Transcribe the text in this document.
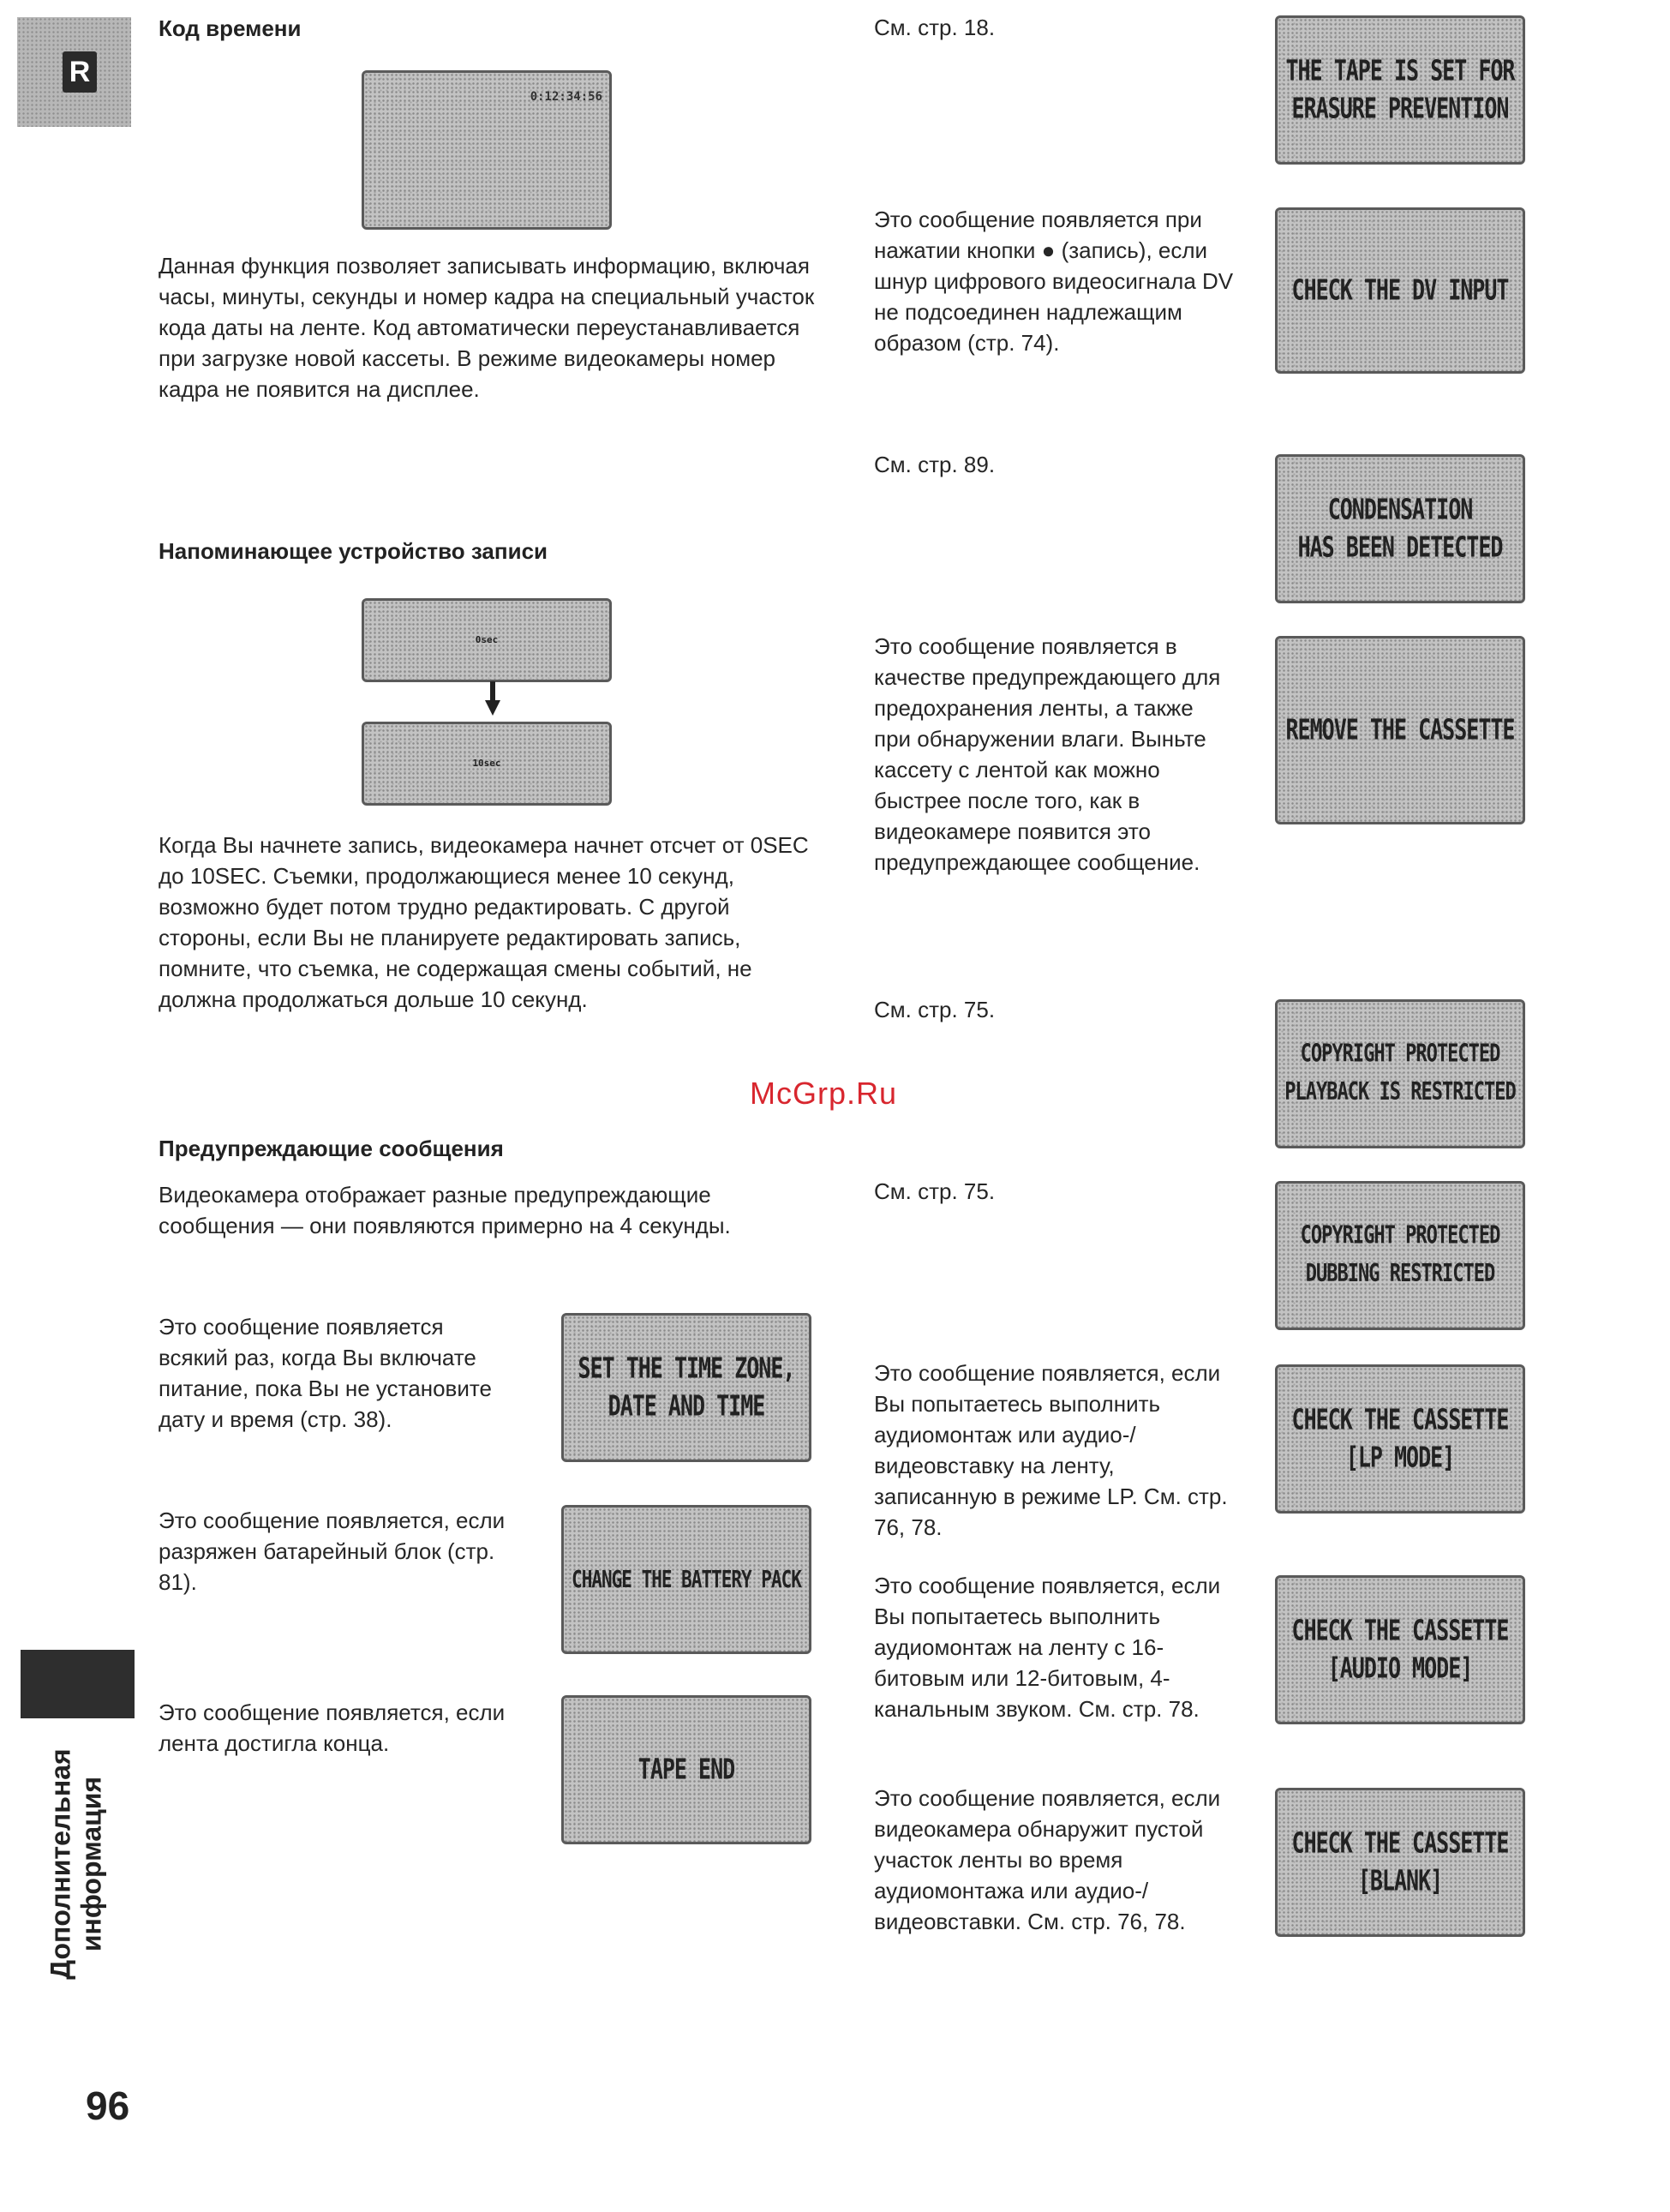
R
Дополнительная
информация
96
McGrp.Ru
Код времени
0:12:34:56
Данная функция позволяет записывать информацию, включая часы, минуты, секунды и номер кадра на специальный участок кода даты на ленте. Код автоматически переустанавливается при загрузке новой кассеты. В режиме видеокамеры номер кадра не появится на дисплее.
Напоминающее устройство записи
0sec
10sec
Когда Вы начнете запись, видеокамера начнет отсчет от 0SEC до 10SEC. Съемки, продолжающиеся менее 10 секунд, возможно будет потом трудно редактировать. С другой стороны, если Вы не планируете редактировать запись, помните, что съемка, не содержащая смены событий, не должна продолжаться дольше 10 секунд.
Предупреждающие сообщения
Видеокамера отображает разные предупреждающие сообщения — они появляются примерно на 4 секунды.
Это сообщение появляется всякий раз, когда Вы включате питание, пока Вы не установите дату и время (стр. 38).
SET THE TIME ZONE,
DATE AND TIME
Это сообщение появляется, если разряжен батарейный блок (стр. 81).	CHANGE THE BATTERY PACK
Это сообщение появляется, если лента достигла конца.
TAPE END
См. стр. 18.
THE TAPE IS SET FOR
ERASURE PREVENTION
Это сообщение появляется при нажатии кнопки ● (запись), если шнур цифрового видеосигнала DV не подсоединен надлежащим образом (стр. 74).
CHECK THE DV INPUT
См. стр. 89.
CONDENSATION
HAS BEEN DETECTED
Это сообщение появляется в качестве предупреждающего для предохранения ленты, а также при обнаружении влаги. Выньте кассету с лентой как можно быстрее после того, как в видеокамере появится это предупреждающее сообщение.
REMOVE THE CASSETTE
См. стр. 75.
COPYRIGHT PROTECTED
PLAYBACK IS RESTRICTED
См. стр. 75.
COPYRIGHT PROTECTED
DUBBING RESTRICTED
Это сообщение появляется, если Вы попытаетесь выполнить аудиомонтаж или аудио-/видеовставку на ленту, записанную в режиме LP. См. стр. 76, 78.
CHECK THE CASSETTE
[LP MODE]
Это сообщение появляется, если Вы попытаетесь выполнить аудиомонтаж на ленту с 16-битовым или 12-битовым, 4-канальным звуком. См. стр. 78.
CHECK THE CASSETTE
[AUDIO MODE]
Это сообщение появляется, если видеокамера обнаружит пустой участок ленты во время аудиомонтажа или аудио-/видеовставки. См. стр. 76, 78.
CHECK THE CASSETTE
[BLANK]
